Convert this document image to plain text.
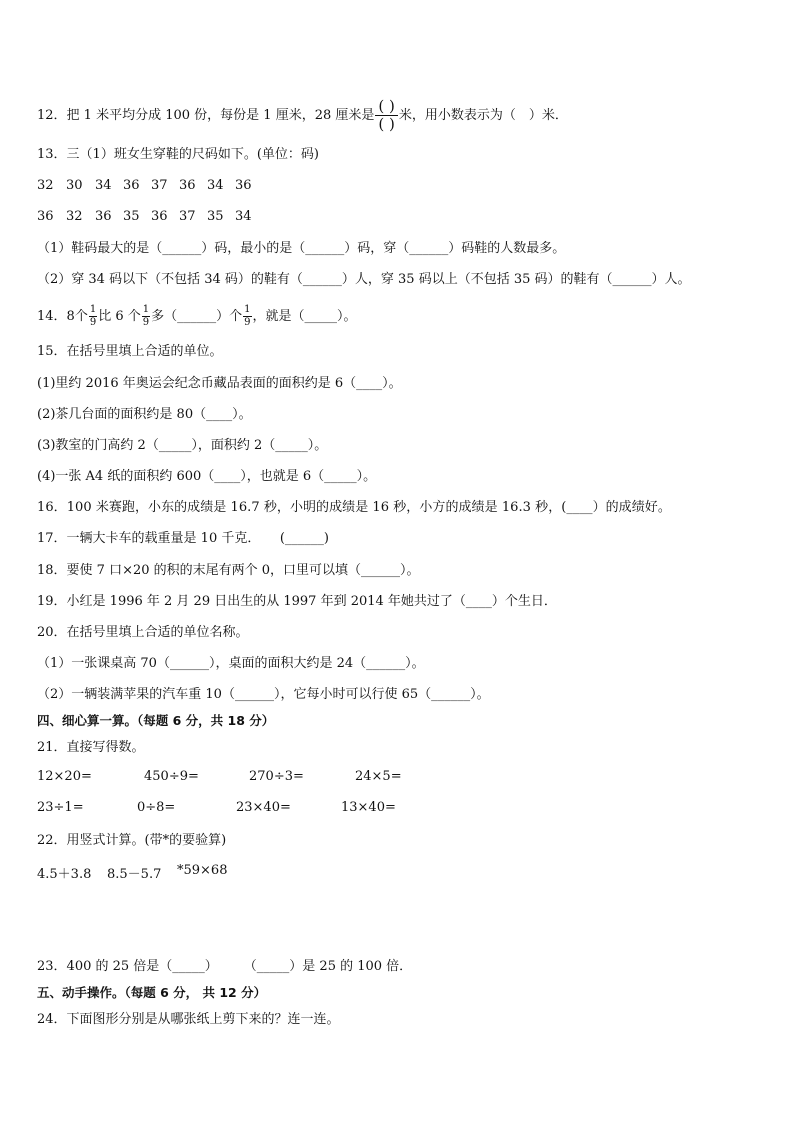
12．把 1 米平均分成 100 份，每份是 1 厘米，28 厘米是 $\frac{( )}{( )}$ 米，用小数表示为（　）米．
13．三（1）班女生穿鞋的尺码如下。(单位：码)
32 30 34 36 37 36 34 36
36 32 36 35 36 37 35 34
（1）鞋码最大的是（______）码，最小的是（______）码，穿（______）码鞋的人数最多。
（2）穿 34 码以下（不包括 34 码）的鞋有（______）人，穿 35 码以上（不包括 35 码）的鞋有（______）人。
14．8个 $\frac{1}{9}$ 比 6 个 $\frac{1}{9}$ 多（______）个 $\frac{1}{9}$ ，就是（_____）。
15．在括号里填上合适的单位。
(1)里约 2016 年奥运会纪念币藏品表面的面积约是 6（____）。
(2)茶几台面的面积约是 80（____）。
(3)教室的门高约 2（_____），面积约 2（_____）。
(4)一张 A4 纸的面积约 600（____），也就是 6（_____）。
16．100 米赛跑，小东的成绩是 16.7 秒，小明的成绩是 16 秒，小方的成绩是 16.3 秒，(____）的成绩好。
17．一辆大卡车的载重量是 10 千克．　　(______)
18．要使 7 口×20 的积的末尾有两个 0，口里可以填（______）。
19．小红是 1996 年 2 月 29 日出生的从 1997 年到 2014 年她共过了（____）个生日．
20．在括号里填上合适的单位名称。
（1）一张课桌高 70（______），桌面的面积大约是 24（______）。
（2）一辆装满苹果的汽车重 10（______），它每小时可以行使 65（______）。
四、细心算一算。（每题 6 分，共 18 分）
21．直接写得数。
12×20=	450÷9=	270÷3=	24×5=
23÷1=	0÷8=	23×40=	13×40=
22．用竖式计算。(带*的要验算)
4.5＋3.8 8.5－5.7 *59×68
23．400 的 25 倍是（_____）　　　（_____）是 25 的 100 倍．
五、动手操作。（每题 6 分， 共 12 分）
24．下面图形分别是从哪张纸上剪下来的？连一连。
